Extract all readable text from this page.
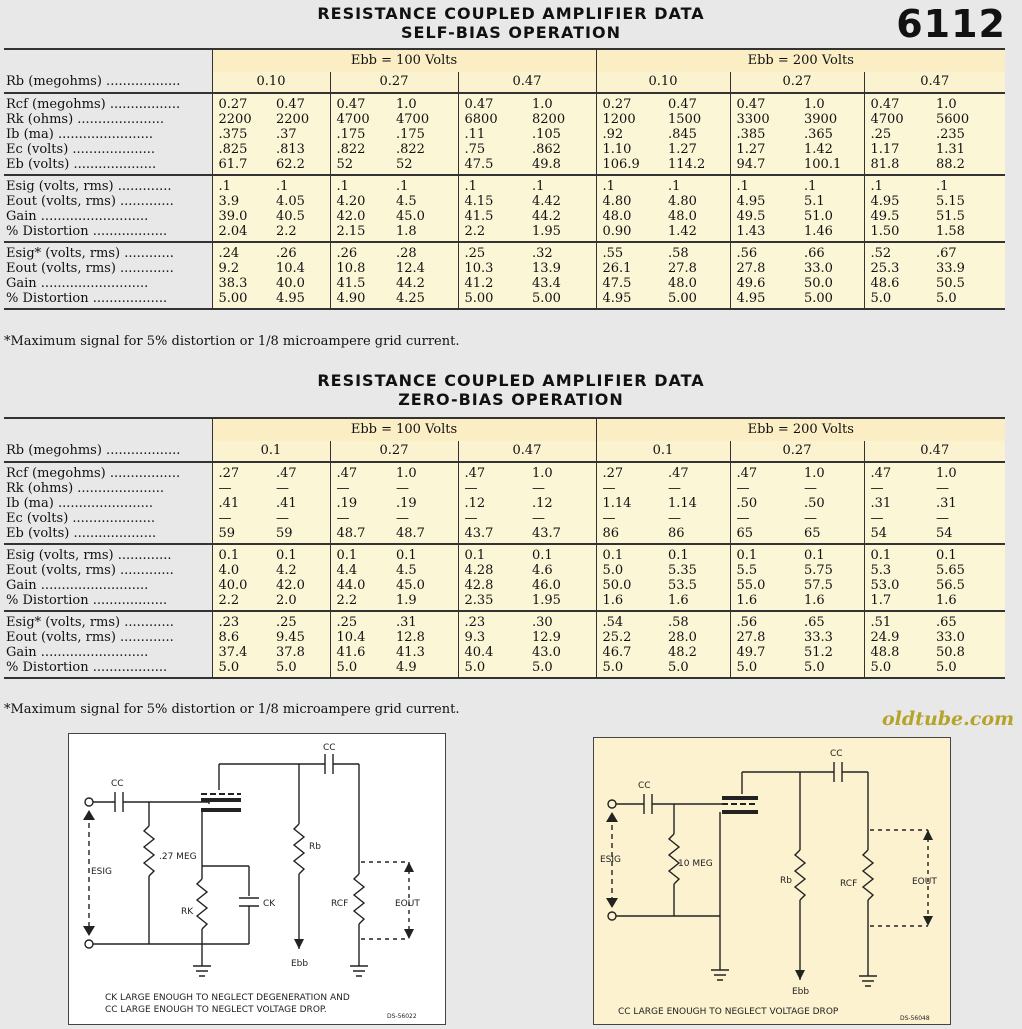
RESISTANCE COUPLED AMPLIFIER DATA
SELF-BIAS OPERATION	6112
	Ebb = 100 Volts						Ebb = 200 Volts					
Rb (megohms) ..................	0.10		0.27		0.47		0.10		0.27		0.47	
Rcf (megohms) .................	0.27	0.47	0.47	1.0	0.47	1.0	0.27	0.47	0.47	1.0	0.47	1.0
Rk (ohms) .....................	2200	2200	4700	4700	6800	8200	1200	1500	3300	3900	4700	5600
Ib (ma) .......................	.375	.37	.175	.175	.11	.105	.92	.845	.385	.365	.25	.235
Ec (volts) ....................	.825	.813	.822	.822	.75	.862	1.10	1.27	1.27	1.42	1.17	1.31
Eb (volts) ....................	61.7	62.2	52	52	47.5	49.8	106.9	114.2	94.7	100.1	81.8	88.2
Esig (volts, rms) .............	.1	.1	.1	.1	.1	.1	.1	.1	.1	.1	.1	.1
Eout (volts, rms) .............	3.9	4.05	4.20	4.5	4.15	4.42	4.80	4.80	4.95	5.1	4.95	5.15
Gain ..........................	39.0	40.5	42.0	45.0	41.5	44.2	48.0	48.0	49.5	51.0	49.5	51.5
% Distortion ..................	2.04	2.2	2.15	1.8	2.2	1.95	0.90	1.42	1.43	1.46	1.50	1.58
Esig* (volts, rms) ............	.24	.26	.26	.28	.25	.32	.55	.58	.56	.66	.52	.67
Eout (volts, rms) .............	9.2	10.4	10.8	12.4	10.3	13.9	26.1	27.8	27.8	33.0	25.3	33.9
Gain ..........................	38.3	40.0	41.5	44.2	41.2	43.4	47.5	48.0	49.6	50.0	48.6	50.5
% Distortion ..................	5.00	4.95	4.90	4.25	5.00	5.00	4.95	5.00	4.95	5.00	5.0	5.0
*Maximum signal for 5% distortion or 1/8 microampere grid current.
RESISTANCE COUPLED AMPLIFIER DATA
ZERO-BIAS OPERATION
	Ebb = 100 Volts						Ebb = 200 Volts					
Rb (megohms) ..................	0.1		0.27		0.47		0.1		0.27		0.47	
Rcf (megohms) .................	.27	.47	.47	1.0	.47	1.0	.27	.47	.47	1.0	.47	1.0
Rk (ohms) .....................	—	—	—	—	—	—	—	—	—	—	—	—
Ib (ma) .......................	.41	.41	.19	.19	.12	.12	1.14	1.14	.50	.50	.31	.31
Ec (volts) ....................	—	—	—	—	—	—	—	—	—	—	—	—
Eb (volts) ....................	59	59	48.7	48.7	43.7	43.7	86	86	65	65	54	54
Esig (volts, rms) .............	0.1	0.1	0.1	0.1	0.1	0.1	0.1	0.1	0.1	0.1	0.1	0.1
Eout (volts, rms) .............	4.0	4.2	4.4	4.5	4.28	4.6	5.0	5.35	5.5	5.75	5.3	5.65
Gain ..........................	40.0	42.0	44.0	45.0	42.8	46.0	50.0	53.5	55.0	57.5	53.0	56.5
% Distortion ..................	2.2	2.0	2.2	1.9	2.35	1.95	1.6	1.6	1.6	1.6	1.7	1.6
Esig* (volts, rms) ............	.23	.25	.25	.31	.23	.30	.54	.58	.56	.65	.51	.65
Eout (volts, rms) .............	8.6	9.45	10.4	12.8	9.3	12.9	25.2	28.0	27.8	33.3	24.9	33.0
Gain ..........................	37.4	37.8	41.6	41.3	40.4	43.0	46.7	48.2	49.7	51.2	48.8	50.8
% Distortion ..................	5.0	5.0	5.0	4.9	5.0	5.0	5.0	5.0	5.0	5.0	5.0	5.0
*Maximum signal for 5% distortion or 1/8 microampere grid current.	oldtube.com
CC
CC
ESIG
.27 MEG
RK
CK
Rb
RCF	EOUT
Ebb
CK LARGE ENOUGH TO NEGLECT DEGENERATION AND
CC LARGE ENOUGH TO NEGLECT VOLTAGE DROP.
DS-56022
CC
CC
ESIG	10 MEG
Rb	RCF	EOUT
Ebb
CC LARGE ENOUGH TO NEGLECT VOLTAGE DROP
DS-56048
